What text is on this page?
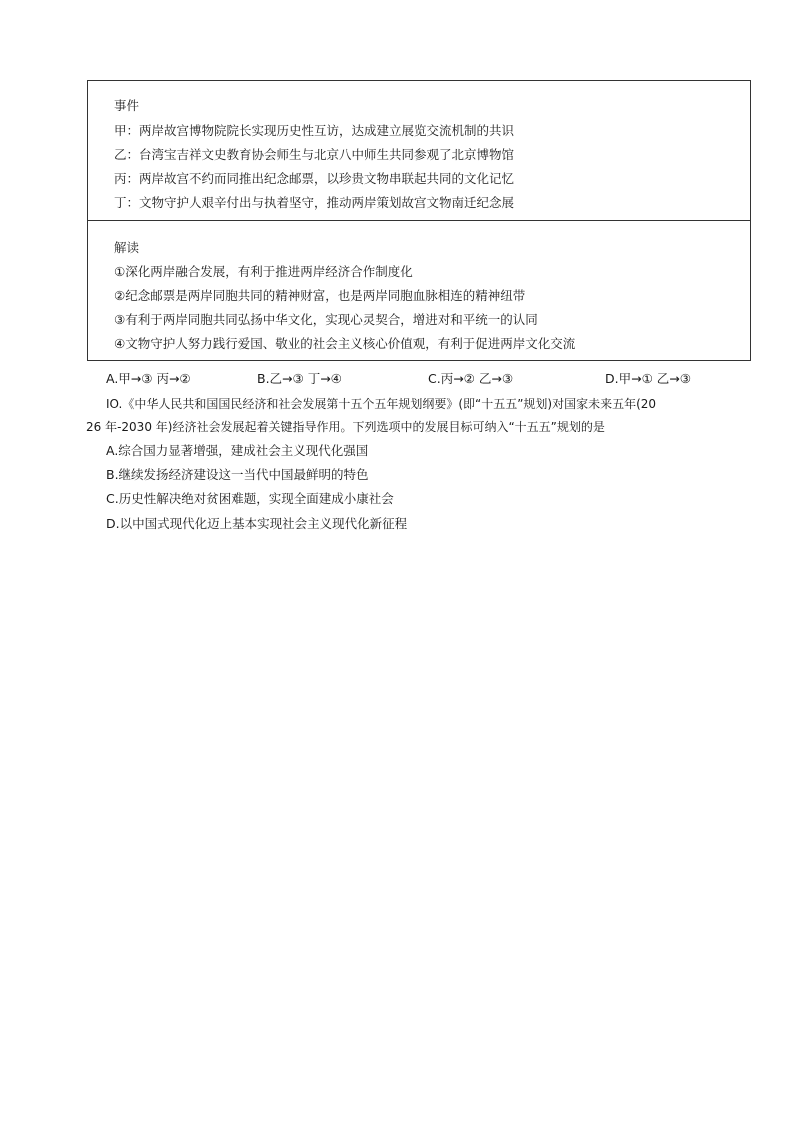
事件
甲：两岸故宫博物院院长实现历史性互访，达成建立展览交流机制的共识
乙：台湾宝吉祥文史教育协会师生与北京八中师生共同参观了北京博物馆
丙：两岸故宫不约而同推出纪念邮票，以珍贵文物串联起共同的文化记忆
丁：文物守护人艰辛付出与执着坚守，推动两岸策划故宫文物南迁纪念展
解读
①深化两岸融合发展，有利于推进两岸经济合作制度化
②纪念邮票是两岸同胞共同的精神财富，也是两岸同胞血脉相连的精神纽带
③有利于两岸同胞共同弘扬中华文化，实现心灵契合，增进对和平统一的认同
④文物守护人努力践行爱国、敬业的社会主义核心价值观，有利于促进两岸文化交流
A.甲→③ 丙→②	B.乙→③ 丁→④	C.丙→② 乙→③	D.甲→① 乙→③
IO.《中华人民共和国国民经济和社会发展第十五个五年规划纲要》(即“十五五”规划)对国家未来五年(20
26 年-2030 年)经济社会发展起着关键指导作用。下列选项中的发展目标可纳入“十五五”规划的是
A.综合国力显著增强，建成社会主义现代化强国
B.继续发扬经济建设这一当代中国最鲜明的特色
C.历史性解决绝对贫困难题，实现全面建成小康社会
D.以中国式现代化迈上基本实现社会主义现代化新征程
